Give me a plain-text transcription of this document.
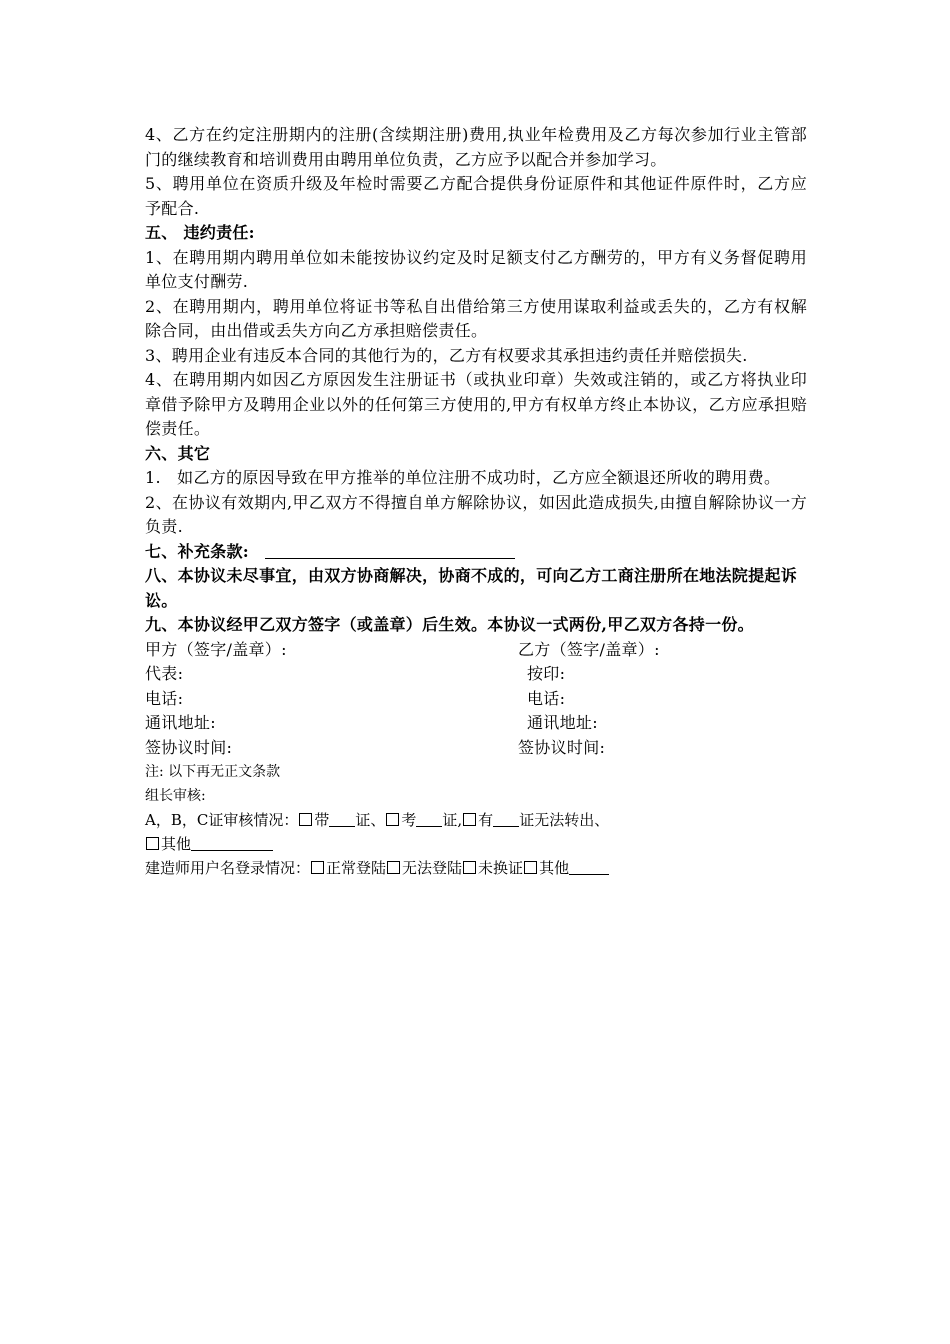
4、乙方在约定注册期内的注册(含续期注册)费用,执业年检费用及乙方每次参加行业主管部门的继续教育和培训费用由聘用单位负责，乙方应予以配合并参加学习。

5、聘用单位在资质升级及年检时需要乙方配合提供身份证原件和其他证件原件时，乙方应予配合.

五、 违约责任:

1、在聘用期内聘用单位如未能按协议约定及时足额支付乙方酬劳的，甲方有义务督促聘用单位支付酬劳.

2、在聘用期内，聘用单位将证书等私自出借给第三方使用谋取利益或丢失的，乙方有权解除合同，由出借或丢失方向乙方承担赔偿责任。

3、聘用企业有违反本合同的其他行为的，乙方有权要求其承担违约责任并赔偿损失.

4、在聘用期内如因乙方原因发生注册证书（或执业印章）失效或注销的，或乙方将执业印章借予除甲方及聘用企业以外的任何第三方使用的,甲方有权单方终止本协议，乙方应承担赔偿责任。

六、其它

1.　如乙方的原因导致在甲方推举的单位注册不成功时，乙方应全额退还所收的聘用费。

2、在协议有效期内,甲乙双方不得擅自单方解除协议，如因此造成损失,由擅自解除协议一方负责.

七、补充条款:

八、本协议未尽事宜，由双方协商解决，协商不成的，可向乙方工商注册所在地法院提起诉讼。

九、本协议经甲乙双方签字（或盖章）后生效。本协议一式两份,甲乙双方各持一份。

甲方（签字/盖章）:	乙方（签字/盖章）:
代表:	按印:
电话:	电话:
通讯地址:	通讯地址:
签协议时间:	签协议时间:

注: 以下再无正文条款

组长审核:

A，B，C证审核情况： 带 证、 考 证, 有 证无法转出、

其他

建造师用户名登录情况： 正常登陆 无法登陆 未换证 其他
